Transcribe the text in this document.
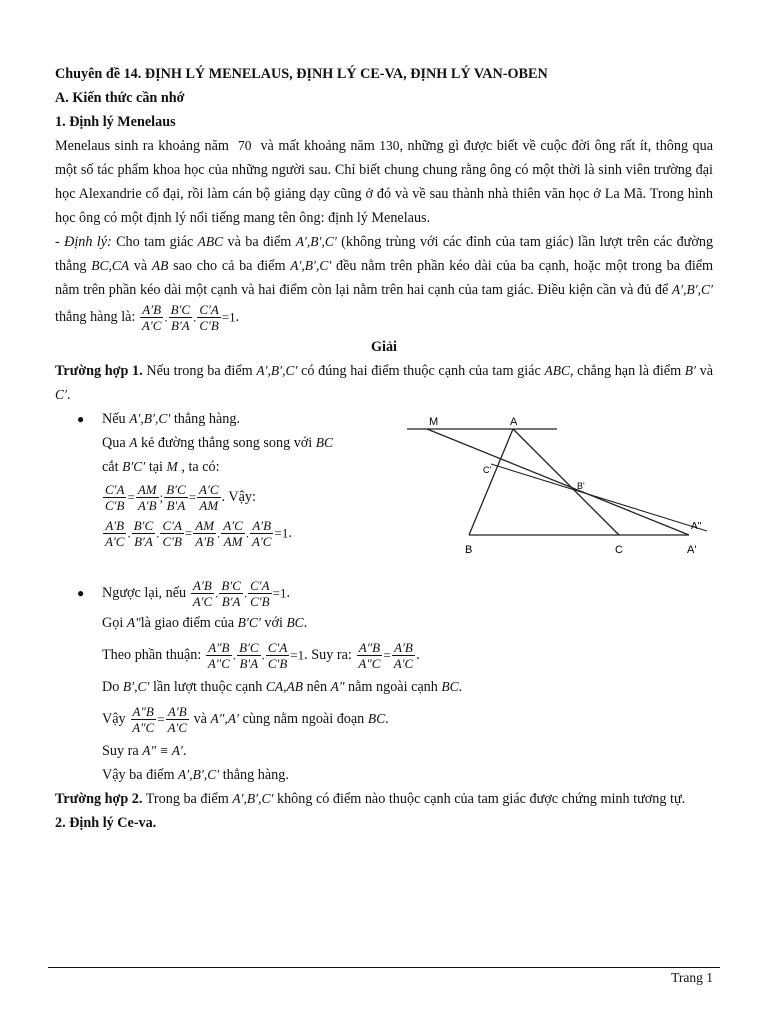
Chuyên đề 14. ĐỊNH LÝ MENELAUS, ĐỊNH LÝ CE-VA, ĐỊNH LÝ VAN-OBEN

A. Kiến thức cần nhớ

1. Định lý Menelaus

Menelaus sinh ra khoảng năm 70 và mất khoảng năm 130, những gì được biết về cuộc đời ông rất ít, thông qua một số tác phẩm khoa học của những người sau. Chỉ biết chung chung rằng ông có một thời là sinh viên trường đại học Alexandrie cổ đại, rồi làm cán bộ giảng dạy cũng ở đó và về sau thành nhà thiên văn học ở La Mã. Trong hình học ông có một định lý nổi tiếng mang tên ông: định lý Menelaus.

- Định lý: Cho tam giác ABC và ba điểm A′,B′,C′ (không trùng với các đỉnh của tam giác) lần lượt trên các đường thẳng BC,CA và AB sao cho cả ba điểm A′,B′,C′ đều nằm trên phần kéo dài của ba cạnh, hoặc một trong ba điểm nằm trên phần kéo dài một cạnh và hai điểm còn lại nằm trên hai cạnh của tam giác. Điều kiện cần và đủ để A′,B′,C′ thẳng hàng là: $\frac{A'B}{A'C}$ . $\frac{B'C}{B'A}$ . $\frac{C'A}{C'B} =1$.

Giải

Trường hợp 1. Nếu trong ba điểm A′,B′,C′ có đúng hai điểm thuộc cạnh của tam giác ABC, chẳng hạn là điểm B′ và C′.

● Nếu A′,B′,C′ thẳng hàng.

Qua A kẻ đường thẳng song song với BC

cắt B′C′ tại M , ta có:

$\frac{C'A}{C'B} = \frac{AM}{A'B}$ ; $\frac{B'C}{B'A} = \frac{A'C}{AM}$ . Vậy:

$\frac{A'B}{A'C}$ . $\frac{B'C}{B'A}$ . $\frac{C'A}{C'B} = \frac{AM}{A'B}$ . $\frac{A'C}{AM}$ . $\frac{A'B}{A'C} =1$.

M	A
C'
B'
B	C	A'
A''

● Ngược lại, nếu $\frac{A'B}{A'C}$ . $\frac{B'C}{B'A}$ . $\frac{C'A}{C'B} =1$.

Gọi A″là giao điểm của B′C′ với BC.

Theo phần thuận: $\frac{A''B}{A''C}$ . $\frac{B'C}{B'A}$ . $\frac{C'A}{C'B} =1$. Suy ra: $\frac{A''B}{A''C} = \frac{A'B}{A'C}$ .

Do B′,C′ lần lượt thuộc cạnh CA,AB nên A″ nằm ngoài cạnh BC.

Vậy $\frac{A''B}{A''C} = \frac{A'B}{A'C}$ và A″,A′ cùng nằm ngoài đoạn BC.

Suy ra A″ ≡ A′.

Vậy ba điểm A′,B′,C′ thẳng hàng.

Trường hợp 2. Trong ba điểm A′,B′,C′ không có điểm nào thuộc cạnh của tam giác được chứng minh tương tự.

2. Định lý Ce-va.

Trang 1
